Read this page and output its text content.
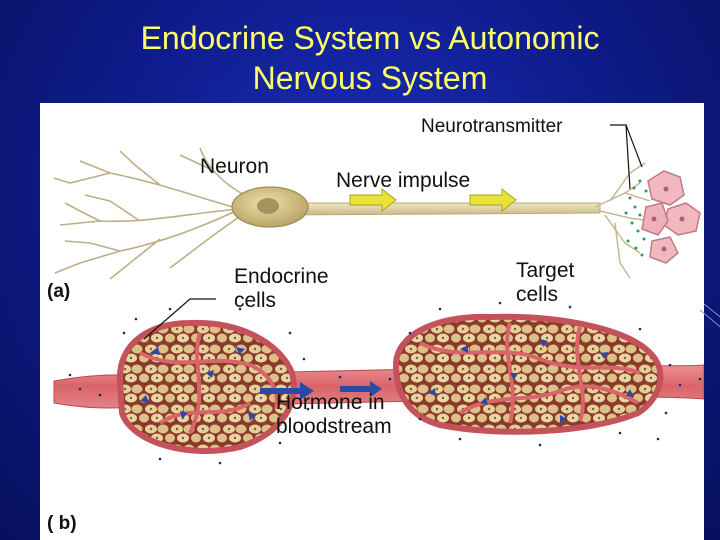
Endocrine System vs Autonomic
Nervous System
Neurotransmitter
Neuron
Nerve impulse
Target
cells
(a)
Endocrine
cells
Hormone in
bloodstream
( b)
